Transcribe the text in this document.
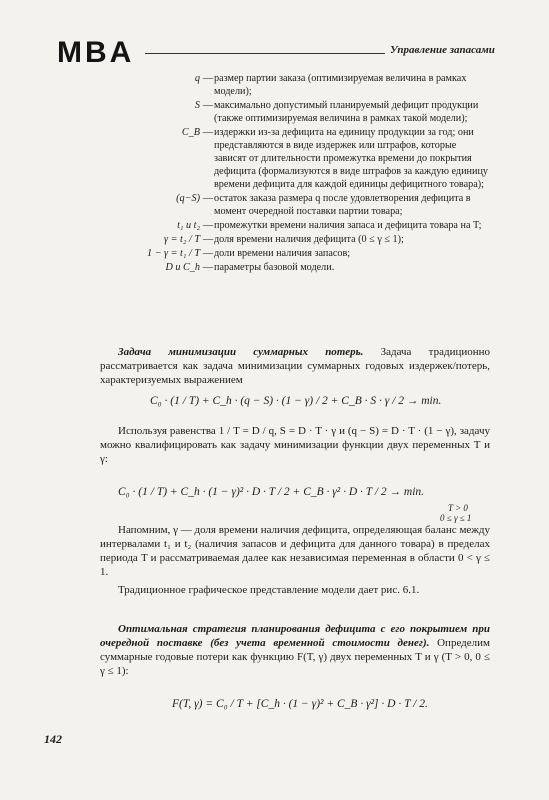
MBA	Управление запасами
q — размер партии заказа (оптимизируемая величина в рамках модели);
S — максимально допустимый планируемый дефицит продукции (также оптимизируемая величина в рамках такой модели);
C_B — издержки из-за дефицита на единицу продукции за год; они представляются в виде издержек или штрафов, которые зависят от длительности промежутка времени до покрытия дефицита (формализуются в виде штрафов за каждую единицу времени дефицита для каждой единицы дефицитного товара);
(q−S) — остаток заказа размера q после удовлетворения дефицита в момент очередной поставки партии товара;
t₁ и t₂ — промежутки времени наличия запаса и дефицита товара на T;
γ = t₂ / T — доля времени наличия дефицита (0 ≤ γ ≤ 1);
1 − γ = t₁ / T — доли времени наличия запасов;
D и C_h — параметры базовой модели.
Задача минимизации суммарных потерь. Задача традиционно рассматривается как задача минимизации суммарных годовых издержек/потерь, характеризуемых выражением
C₀ · (1 / T) + C_h · (q − S) · (1 − γ) / 2 + C_B · S · γ / 2 → min.
Используя равенства 1 / T = D / q, S = D · T · γ и (q − S) = D · T · (1 − γ), задачу можно квалифицировать как задачу минимизации функции двух переменных T и γ:
C₀ · (1 / T) + C_h · (1 − γ)² · D · T / 2 + C_B · γ² · D · T / 2 → min.
T > 0
0 ≤ γ ≤ 1
Напомним, γ — доля времени наличия дефицита, определяющая баланс между интервалами t₁ и t₂ (наличия запасов и дефицита для данного товара) в пределах периода T и рассматриваемая далее как независимая переменная в области 0 < γ ≤ 1.
Традиционное графическое представление модели дает рис. 6.1.
Оптимальная стратегия планирования дефицита с его покрытием при очередной поставке (без учета временной стоимости денег). Определим суммарные годовые потери как функцию F(T, γ) двух переменных T и γ (T > 0, 0 ≤ γ ≤ 1):
F(T, γ) = C₀ / T + [C_h · (1 − γ)² + C_B · γ²] · D · T / 2.
142
